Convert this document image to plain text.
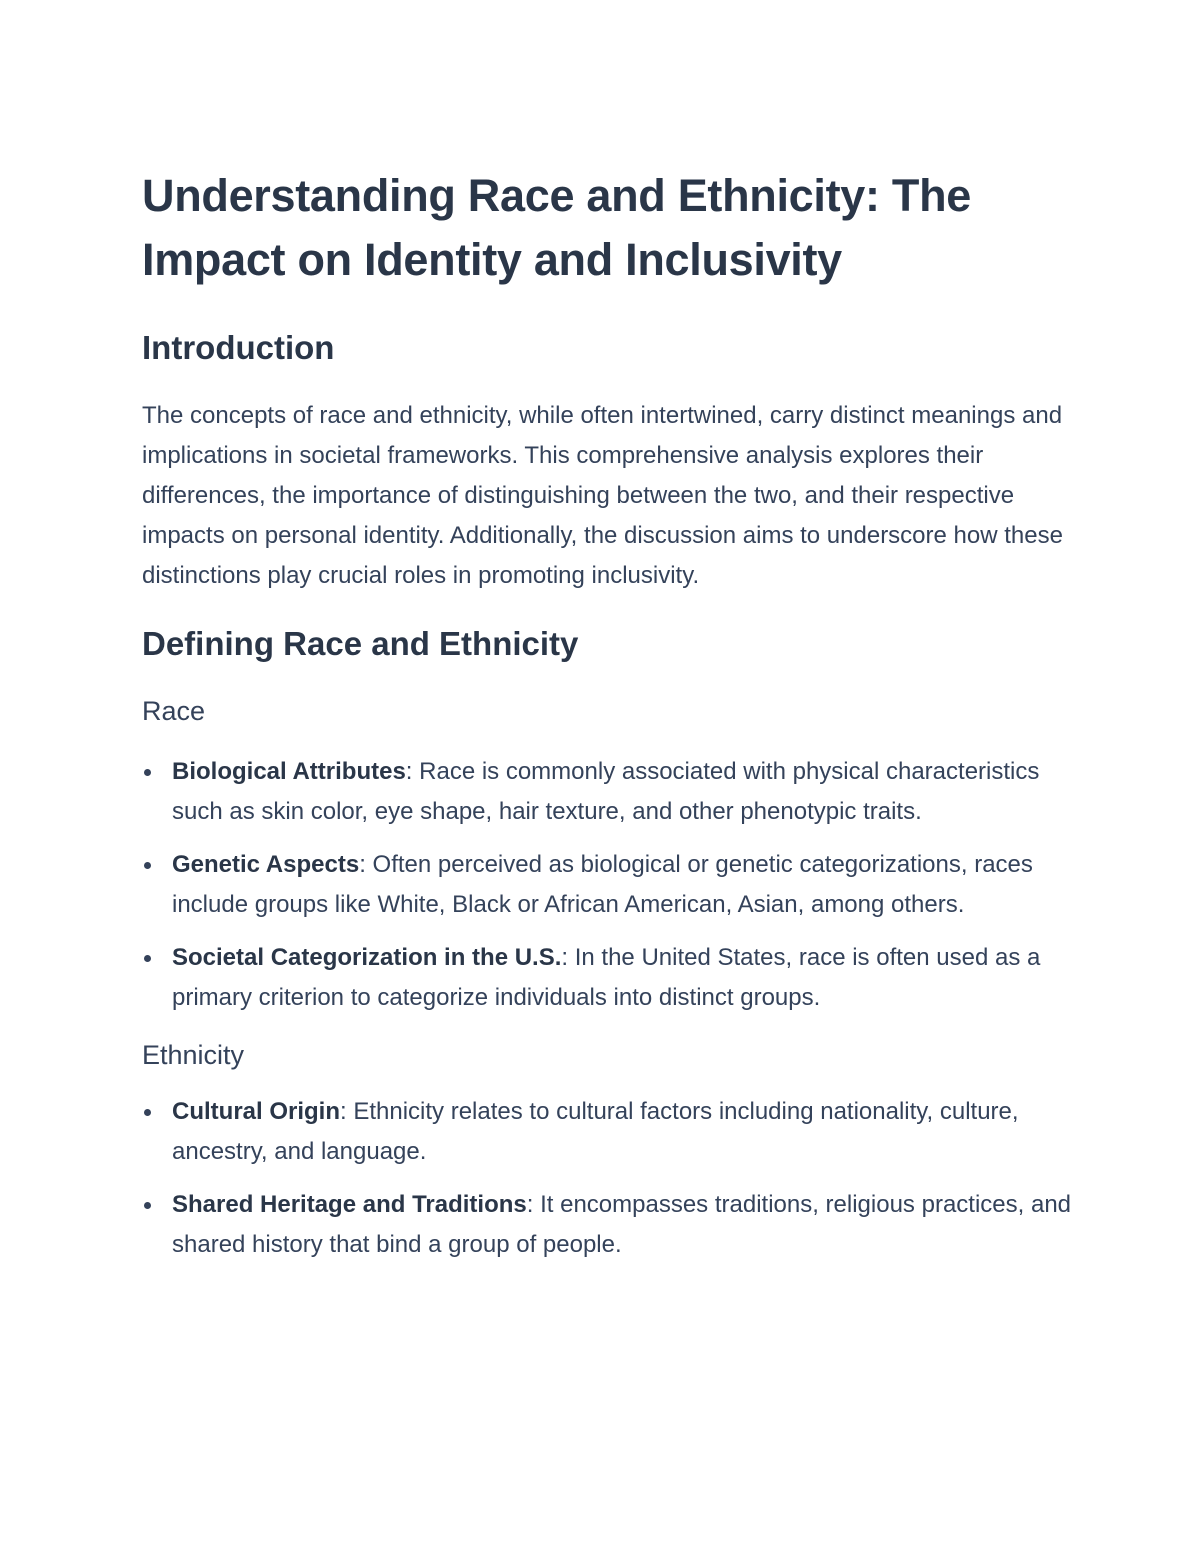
Understanding Race and Ethnicity: The Impact on Identity and Inclusivity
Introduction

The concepts of race and ethnicity, while often intertwined, carry distinct meanings and implications in societal frameworks. This comprehensive analysis explores their differences, the importance of distinguishing between the two, and their respective impacts on personal identity. Additionally, the discussion aims to underscore how these distinctions play crucial roles in promoting inclusivity.

Defining Race and Ethnicity
Race
Biological Attributes: Race is commonly associated with physical characteristics such as skin color, eye shape, hair texture, and other phenotypic traits.
Genetic Aspects: Often perceived as biological or genetic categorizations, races include groups like White, Black or African American, Asian, among others.
Societal Categorization in the U.S.: In the United States, race is often used as a primary criterion to categorize individuals into distinct groups.
Ethnicity
Cultural Origin: Ethnicity relates to cultural factors including nationality, culture, ancestry, and language.
Shared Heritage and Traditions: It encompasses traditions, religious practices, and shared history that bind a group of people.
